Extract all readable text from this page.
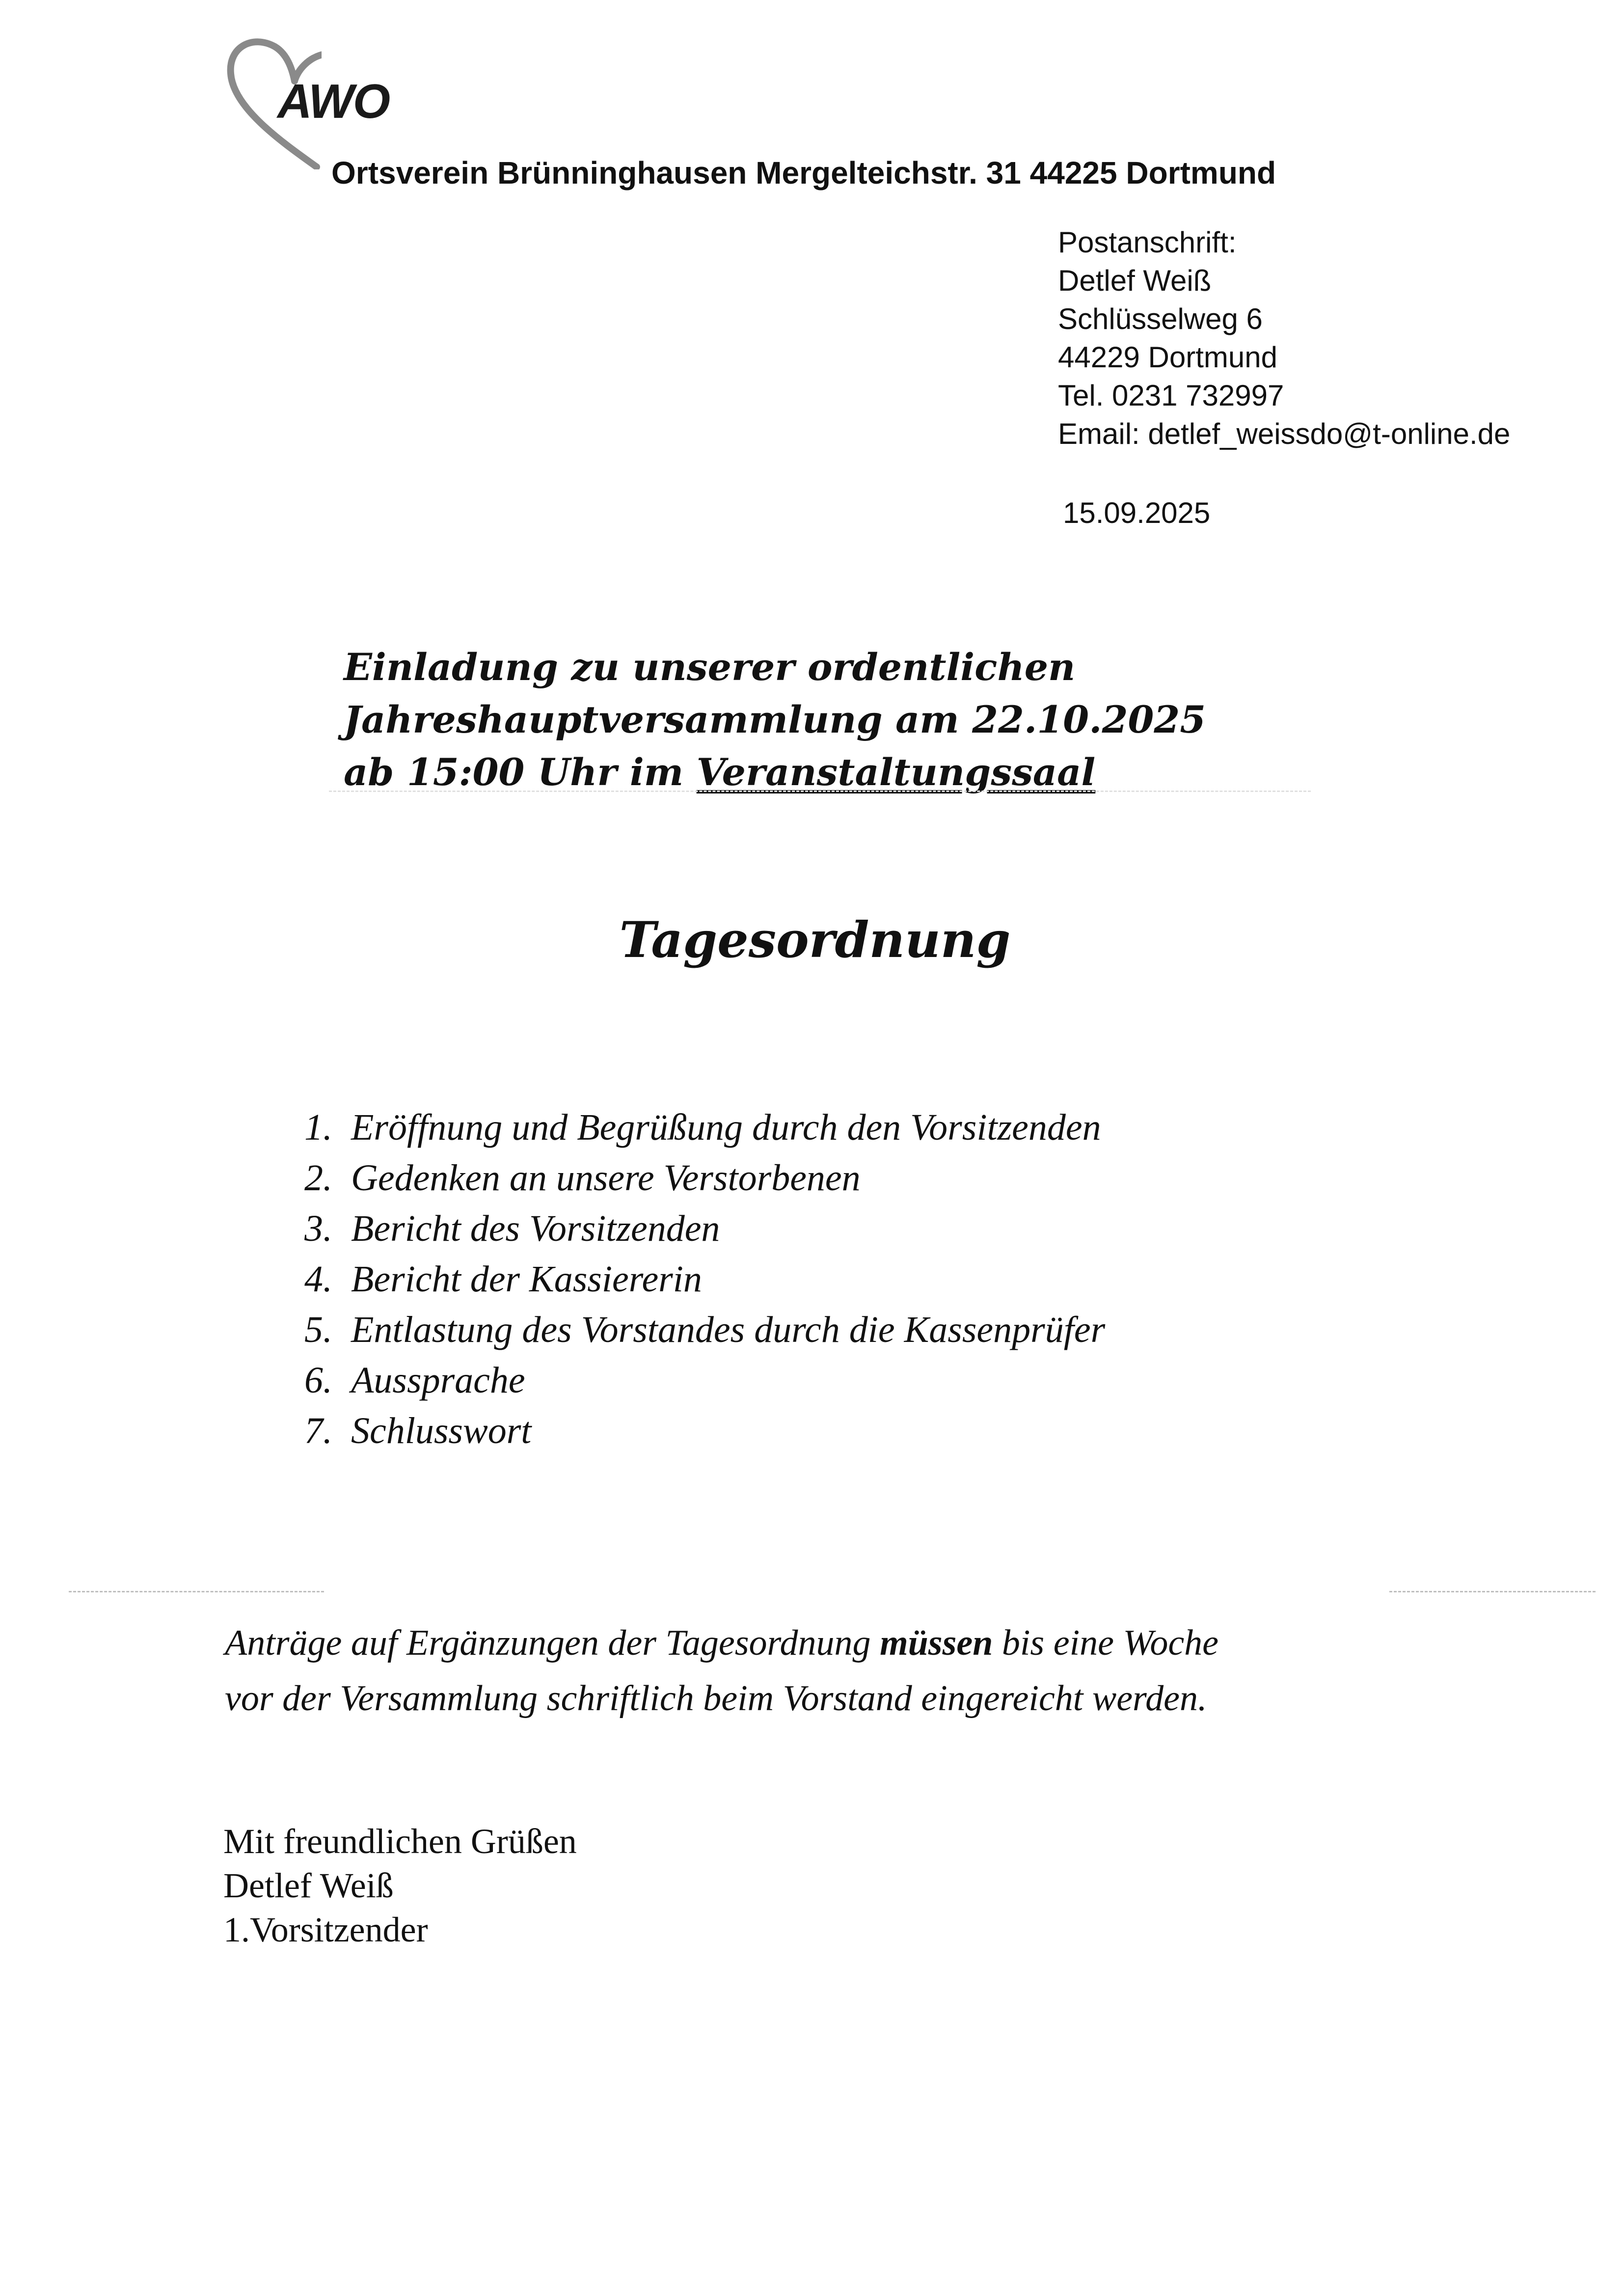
AWO
Ortsverein Brünninghausen Mergelteichstr. 31 44225 Dortmund
Postanschrift:
Detlef Weiß
Schlüsselweg 6
44229 Dortmund
Tel. 0231 732997
Email: detlef_weissdo@t-online.de
15.09.2025
Einladung zu unserer ordentlichen
Jahreshauptversammlung am 22.10.2025
ab 15:00 Uhr im Veranstaltungssaal
Tagesordnung
1. Eröffnung und Begrüßung durch den Vorsitzenden
2. Gedenken an unsere Verstorbenen
3. Bericht des Vorsitzenden
4. Bericht der Kassiererin
5. Entlastung des Vorstandes durch die Kassenprüfer
6. Aussprache
7. Schlusswort
Anträge auf Ergänzungen der Tagesordnung müssen bis eine Woche
vor der Versammlung schriftlich beim Vorstand eingereicht werden.
Mit freundlichen Grüßen
Detlef Weiß
1.Vorsitzender
